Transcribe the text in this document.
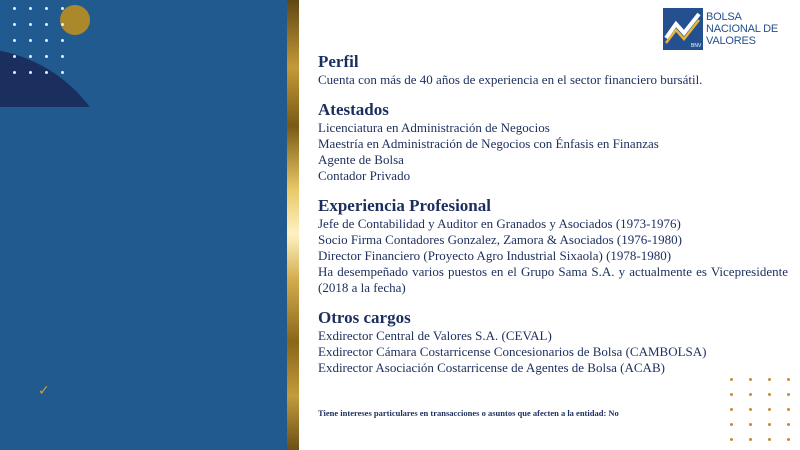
✓
BNV
BOLSA
NACIONAL DE
VALORES

Perfil

Cuenta con más de 40 años de experiencia en el sector financiero bursátil.

Atestados

Licenciatura en Administración de Negocios

Maestría en Administración de Negocios con Énfasis en Finanzas

Agente de Bolsa

Contador Privado

Experiencia Profesional

Jefe de Contabilidad y Auditor en Granados y Asociados (1973-1976)

Socio Firma Contadores Gonzalez, Zamora & Asociados (1976-1980)

Director Financiero (Proyecto Agro Industrial Sixaola) (1978-1980)

Ha desempeñado varios puestos en el Grupo Sama S.A. y actualmente es Vicepresidente (2018 a la fecha)

Otros cargos

Exdirector Central de Valores S.A. (CEVAL)

Exdirector Cámara Costarricense Concesionarios de Bolsa (CAMBOLSA)

Exdirector Asociación Costarricense de Agentes de Bolsa (ACAB)

Tiene intereses particulares en transacciones o asuntos que afecten a la entidad: No
